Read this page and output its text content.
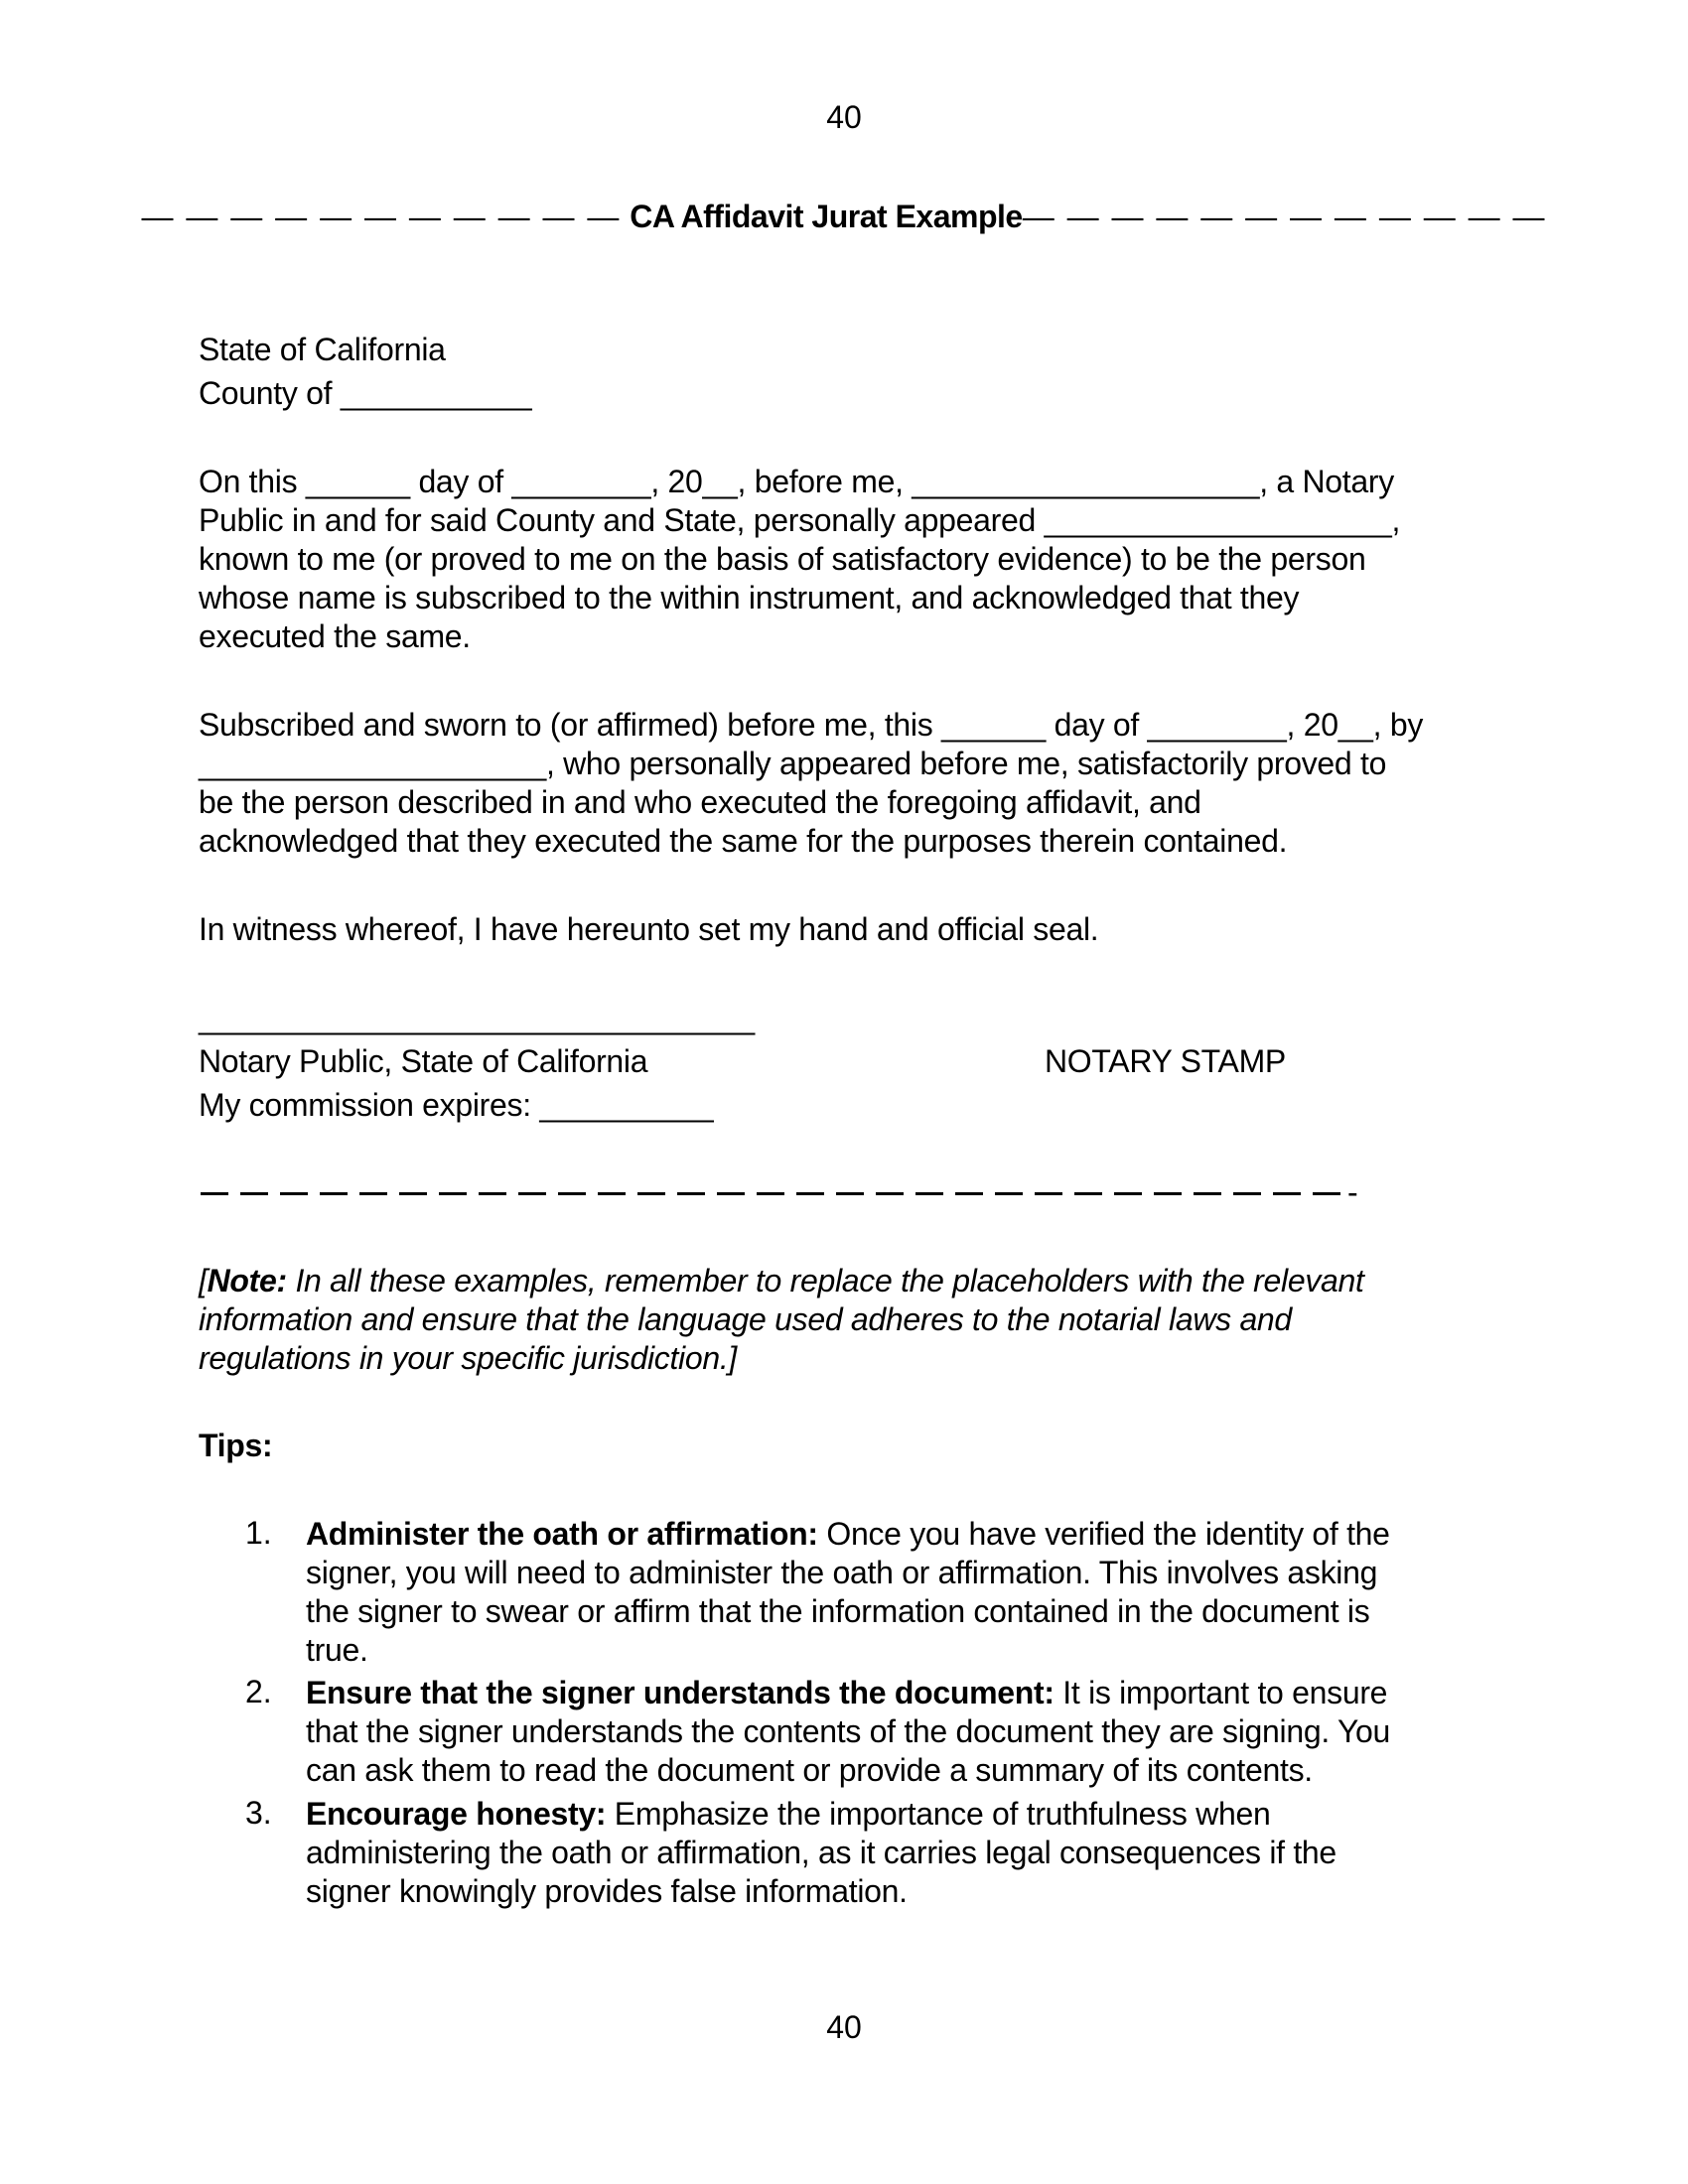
40
— — — — — — — — — — — CA Affidavit Jurat Example— — — — — — — — — — — —
State of California
County of ___________
On this ______ day of ________, 20__, before me, ____________________, a Notary
Public in and for said County and State, personally appeared ____________________,
known to me (or proved to me on the basis of satisfactory evidence) to be the person
whose name is subscribed to the within instrument, and acknowledged that they
executed the same.
Subscribed and sworn to (or affirmed) before me, this ______ day of ________, 20__, by
____________________, who personally appeared before me, satisfactorily proved to
be the person described in and who executed the foregoing affidavit, and
acknowledged that they executed the same for the purposes therein contained.
In witness whereof, I have hereunto set my hand and official seal.
________________________________
Notary Public, State of California	NOTARY STAMP
My commission expires: __________
-
[Note: In all these examples, remember to replace the placeholders with the relevant
information and ensure that the language used adheres to the notarial laws and
regulations in your specific jurisdiction.]
Tips:
1. Administer the oath or affirmation: Once you have verified the identity of the
signer, you will need to administer the oath or affirmation. This involves asking
the signer to swear or affirm that the information contained in the document is
true.
2. Ensure that the signer understands the document: It is important to ensure
that the signer understands the contents of the document they are signing. You
can ask them to read the document or provide a summary of its contents.
3. Encourage honesty: Emphasize the importance of truthfulness when
administering the oath or affirmation, as it carries legal consequences if the
signer knowingly provides false information.
40
